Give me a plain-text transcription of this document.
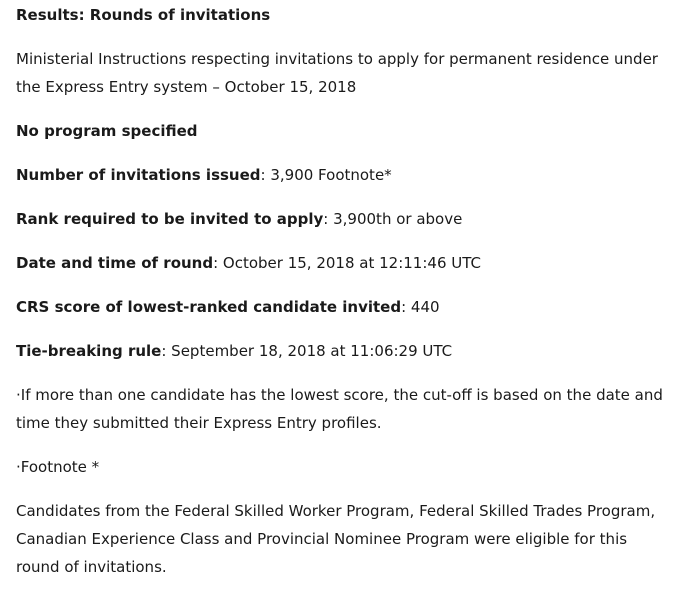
Results: Rounds of invitations
Ministerial Instructions respecting invitations to apply for permanent residence under
the Express Entry system – October 15, 2018
No program specified
Number of invitations issued: 3,900 Footnote*
Rank required to be invited to apply: 3,900th or above
Date and time of round: October 15, 2018 at 12:11:46 UTC
CRS score of lowest-ranked candidate invited: 440
Tie-breaking rule: September 18, 2018 at 11:06:29 UTC
·If more than one candidate has the lowest score, the cut-off is based on the date and
time they submitted their Express Entry profiles.
·Footnote *
Candidates from the Federal Skilled Worker Program, Federal Skilled Trades Program,
Canadian Experience Class and Provincial Nominee Program were eligible for this
round of invitations.
